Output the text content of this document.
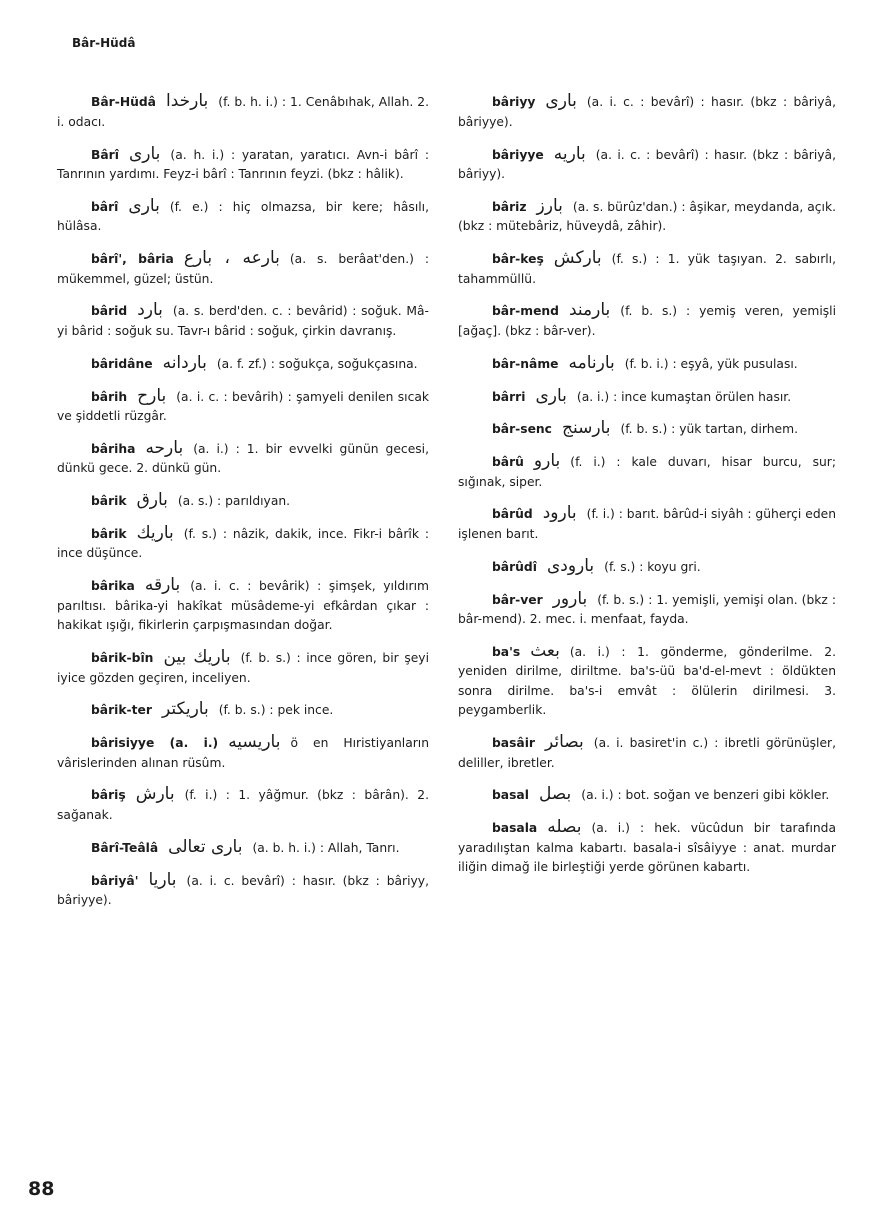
Bâr-Hüdâ

Bâr-Hüdâ بارخدا (f. b. h. i.) : 1. Cenâbıhak, Allah. 2. i. odacı.

Bârî بارى (a. h. i.) : yaratan, yaratıcı. Avn-i bârî : Tanrının yardımı. Feyz-i bârî : Tanrının feyzi. (bkz : hâlik).

bârî بارى (f. e.) : hiç olmazsa, bir kere; hâsılı, hülâsa.

bârî', bâria بارعه ، بارع (a. s. berâat'den.) : mükemmel, güzel; üstün.

bârid بارد (a. s. berd'den. c. : bevârid) : soğuk. Mâ-yi bârid : soğuk su. Tavr-ı bârid : soğuk, çirkin davranış.

bâridâne باردانه (a. f. zf.) : soğukça, soğukçasına.

bârih بارح (a. i. c. : bevârih) : şamyeli denilen sıcak ve şiddetli rüzgâr.

bâriha بارحه (a. i.) : 1. bir evvelki günün gecesi, dünkü gece. 2. dünkü gün.

bârik بارق (a. s.) : parıldıyan.

bârik باريك (f. s.) : nâzik, dakik, ince. Fikr-i bârîk : ince düşünce.

bârika بارقه (a. i. c. : bevârik) : şimşek, yıldırım parıltısı. bârika-yi hakîkat müsâdeme-yi efkârdan çıkar : hakikat ışığı, fikirlerin çarpışmasından doğar.

bârik-bîn باريك بين (f. b. s.) : ince gören, bir şeyi iyice gözden geçiren, inceliyen.

bârik-ter باريكتر (f. b. s.) : pek ince.

bârisiyye (a. i.) باريسيه ö en Hıristiyanların vârislerinden alınan rüsûm.

bâriş بارش (f. i.) : 1. yâğmur. (bkz : bârân). 2. sağanak.

Bârî-Teâlâ بارى تعالى (a. b. h. i.) : Allah, Tanrı.

bâriyâ' باريا (a. i. c. bevârî) : hasır. (bkz : bâriyy, bâriyye).

bâriyy بارى (a. i. c. : bevârî) : hasır. (bkz : bâriyâ, bâriyye).

bâriyye باريه (a. i. c. : bevârî) : hasır. (bkz : bâriyâ, bâriyy).

bâriz بارز (a. s. bürûz'dan.) : âşikar, meydanda, açık. (bkz : mütebâriz, hüveydâ, zâhir).

bâr-keş باركش (f. s.) : 1. yük taşıyan. 2. sabırlı, tahammüllü.

bâr-mend بارمند (f. b. s.) : yemiş veren, yemişli [ağaç]. (bkz : bâr-ver).

bâr-nâme بارنامه (f. b. i.) : eşyâ, yük pusulası.

bârri بارى (a. i.) : ince kumaştan örülen hasır.

bâr-senc بارسنج (f. b. s.) : yük tartan, dirhem.

bârû بارو (f. i.) : kale duvarı, hisar burcu, sur; sığınak, siper.

bârûd بارود (f. i.) : barıt. bârûd-i siyâh : güherçi eden işlenen barıt.

bârûdî بارودى (f. s.) : koyu gri.

bâr-ver بارور (f. b. s.) : 1. yemişli, yemişi olan. (bkz : bâr-mend). 2. mec. i. menfaat, fayda.

ba's بعث (a. i.) : 1. gönderme, gönderilme. 2. yeniden dirilme, diriltme. ba's-üü ba'd-el-mevt : öldükten sonra dirilme. ba's-i emvât : ölülerin dirilmesi. 3. peygamberlik.

basâir بصائر (a. i. basiret'in c.) : ibretli görünüşler, deliller, ibretler.

basal بصل (a. i.) : bot. soğan ve benzeri gibi kökler.

basala بصله (a. i.) : hek. vücûdun bir tarafında yaradılıştan kalma kabartı. basala-i sîsâiyye : anat. murdar iliğin dimağ ile birleştiği yerde görünen kabartı.

88
